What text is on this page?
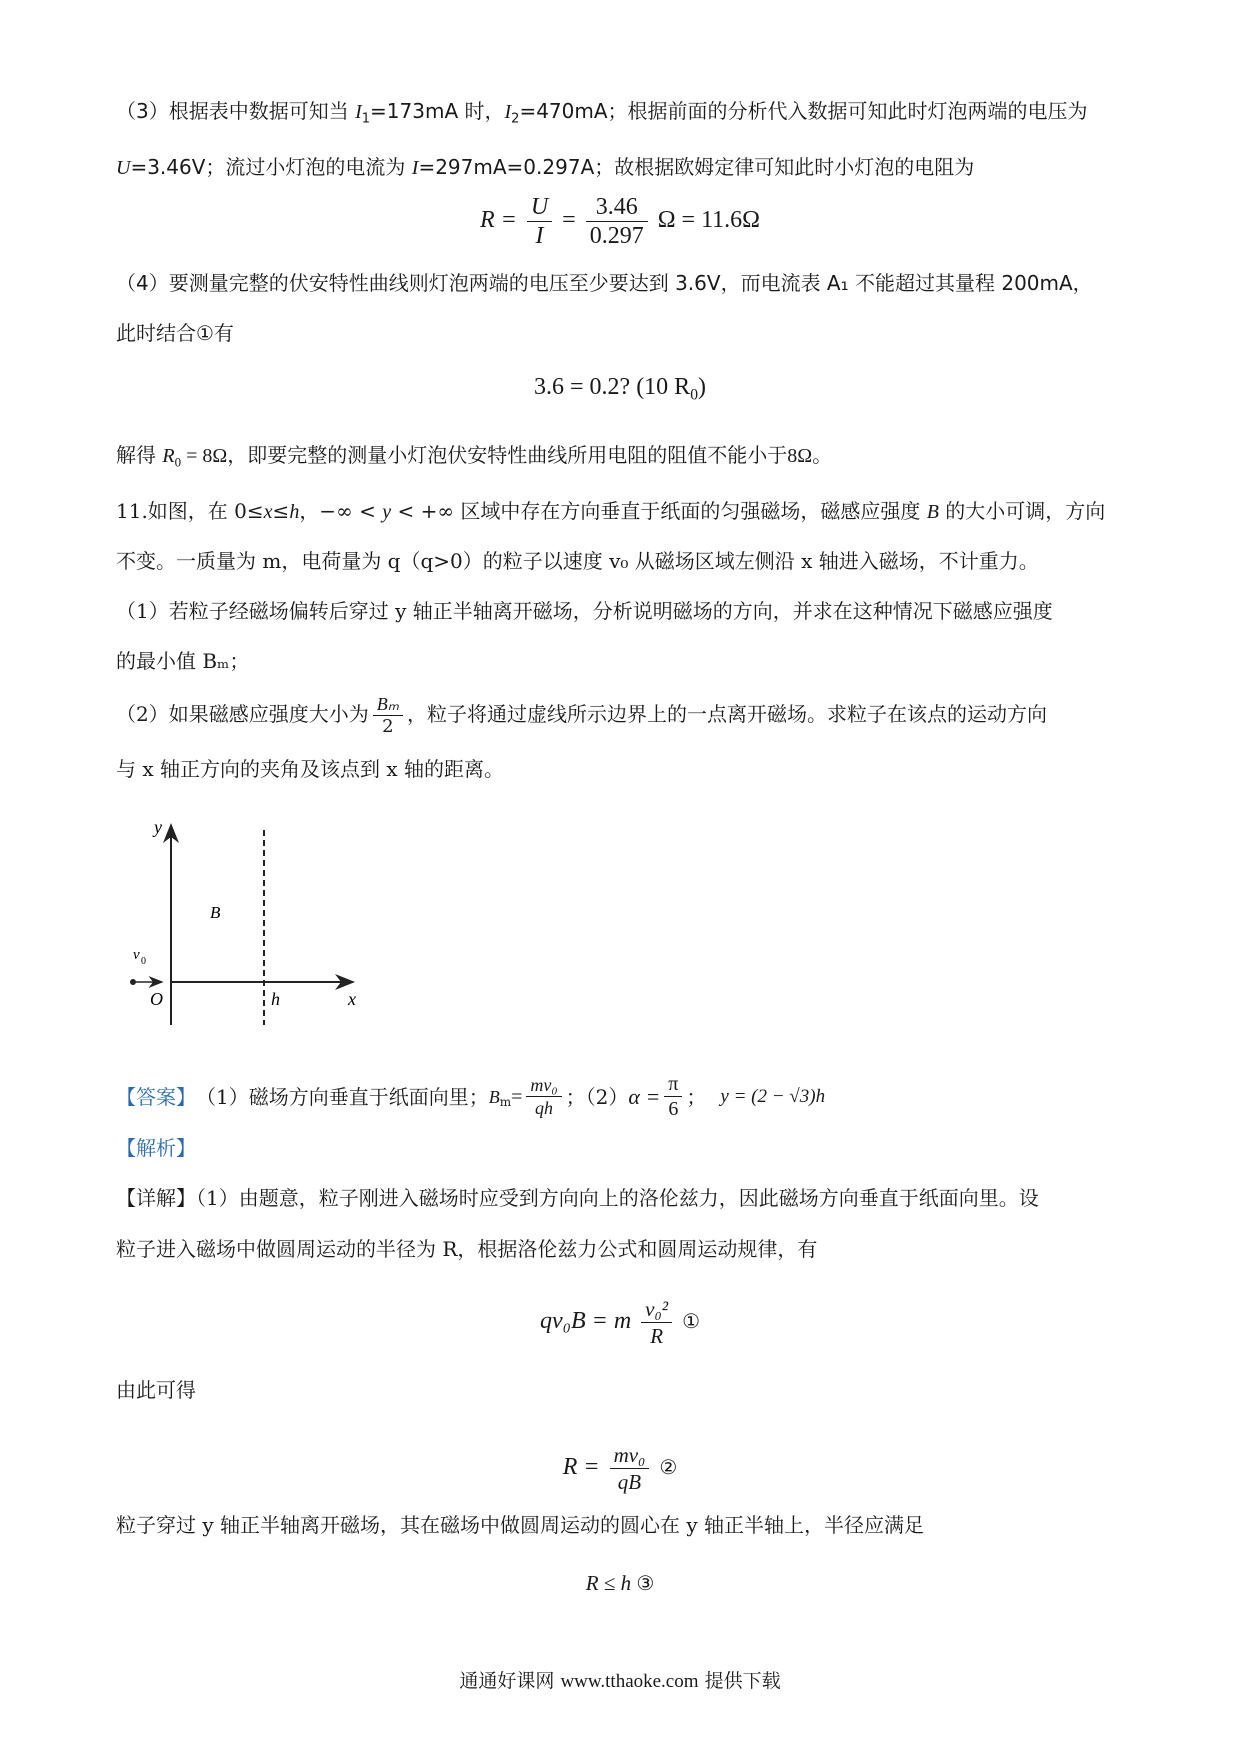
（3）根据表中数据可知当 $I_1=173mA$ 时，$I_2=470mA$；根据前面的分析代入数据可知此时灯泡两端的电压为

U=3.46V；流过小灯泡的电流为 I=297mA=0.297A；故根据欧姆定律可知此时小灯泡的电阻为

$R = \frac{U}{I} = \frac{3.46}{0.297}$ Ω = 11.6Ω

（4）要测量完整的伏安特性曲线则灯泡两端的电压至少要达到 3.6V，而电流表 A₁ 不能超过其量程 200mA，

此时结合①有

3.6 = 0.2? (10 $R_0$)

解得 $R_0 = 8\Omega$，即要完整的测量小灯泡伏安特性曲线所用电阻的阻值不能小于8Ω。

11.如图，在 0≤x≤h，−∞ < y < +∞ 区域中存在方向垂直于纸面的匀强磁场，磁感应强度 B 的大小可调，方向

不变。一质量为 m，电荷量为 q（q>0）的粒子以速度 v₀ 从磁场区域左侧沿 x 轴进入磁场，不计重力。

（1）若粒子经磁场偏转后穿过 y 轴正半轴离开磁场，分析说明磁场的方向，并求在这种情况下磁感应强度

的最小值 Bₘ；

（2）如果磁感应强度大小为 $\frac{\text{Bₘ}}{2}$ ，粒子将通过虚线所示边界上的一点离开磁场。求粒子在该点的运动方向

与 x 轴正方向的夹角及该点到 x 轴的距离。

y
x
B
v 0
O	h
【答案】 （1）磁场方向垂直于纸面向里； B $m = \frac{\text{mv₀}}{qh}$ ；（2） $\alpha = \frac{\pi}{6}$ ； y = (2 − √3)h

【解析】

【详解】（1）由题意，粒子刚进入磁场时应受到方向向上的洛伦兹力，因此磁场方向垂直于纸面向里。设

粒子进入磁场中做圆周运动的半径为 R，根据洛伦兹力公式和圆周运动规律，有

qv₀B = m $\frac{\text{v₀²}}{R}$ ①

由此可得

$R = \frac{\text{mv₀}}{qB}$ ②

粒子穿过 y 轴正半轴离开磁场，其在磁场中做圆周运动的圆心在 y 轴正半轴上，半径应满足

R ≤ h ③
通通好课网 www.tthaoke.com 提供下载
